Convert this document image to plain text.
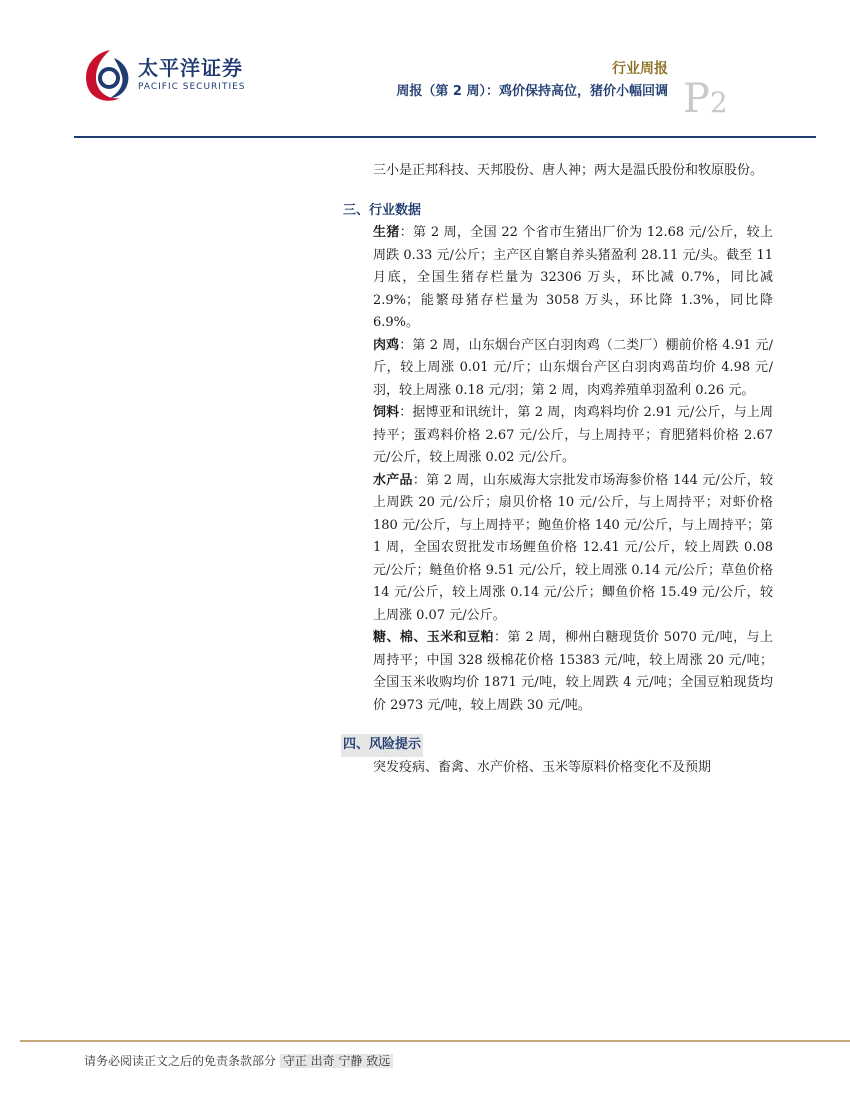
太平洋证券
PACIFIC SECURITIES
行业周报
周报（第 2 周）：鸡价保持高位，猪价小幅回调 P2

三小是正邦科技、天邦股份、唐人神；两大是温氏股份和牧原股份。

三、行业数据

生猪：第 2 周，全国 22 个省市生猪出厂价为 12.68 元/公斤，较上周跌 0.33 元/公斤；主产区自繁自养头猪盈利 28.11 元/头。截至 11 月底，全国生猪存栏量为 32306 万头，环比减 0.7%，同比减 2.9%；能繁母猪存栏量为 3058 万头，环比降 1.3%，同比降 6.9%。

肉鸡：第 2 周，山东烟台产区白羽肉鸡（二类厂）棚前价格 4.91 元/斤，较上周涨 0.01 元/斤；山东烟台产区白羽肉鸡苗均价 4.98 元/羽，较上周涨 0.18 元/羽；第 2 周，肉鸡养殖单羽盈利 0.26 元。

饲料：据博亚和讯统计，第 2 周，肉鸡料均价 2.91 元/公斤，与上周持平；蛋鸡料价格 2.67 元/公斤，与上周持平；育肥猪料价格 2.67 元/公斤，较上周涨 0.02 元/公斤。

水产品：第 2 周，山东威海大宗批发市场海参价格 144 元/公斤，较上周跌 20 元/公斤；扇贝价格 10 元/公斤，与上周持平；对虾价格 180 元/公斤，与上周持平；鲍鱼价格 140 元/公斤，与上周持平；第 1 周，全国农贸批发市场鲤鱼价格 12.41 元/公斤，较上周跌 0.08 元/公斤；鲢鱼价格 9.51 元/公斤，较上周涨 0.14 元/公斤；草鱼价格 14 元/公斤，较上周涨 0.14 元/公斤；鲫鱼价格 15.49 元/公斤，较上周涨 0.07 元/公斤。

糖、棉、玉米和豆粕：第 2 周，柳州白糖现货价 5070 元/吨，与上周持平；中国 328 级棉花价格 15383 元/吨，较上周涨 20 元/吨；全国玉米收购均价 1871 元/吨，较上周跌 4 元/吨；全国豆粕现货均价 2973 元/吨，较上周跌 30 元/吨。

四、风险提示

突发疫病、畜禽、水产价格、玉米等原料价格变化不及预期

请务必阅读正文之后的免责条款部分 守正 出奇 宁静 致远
